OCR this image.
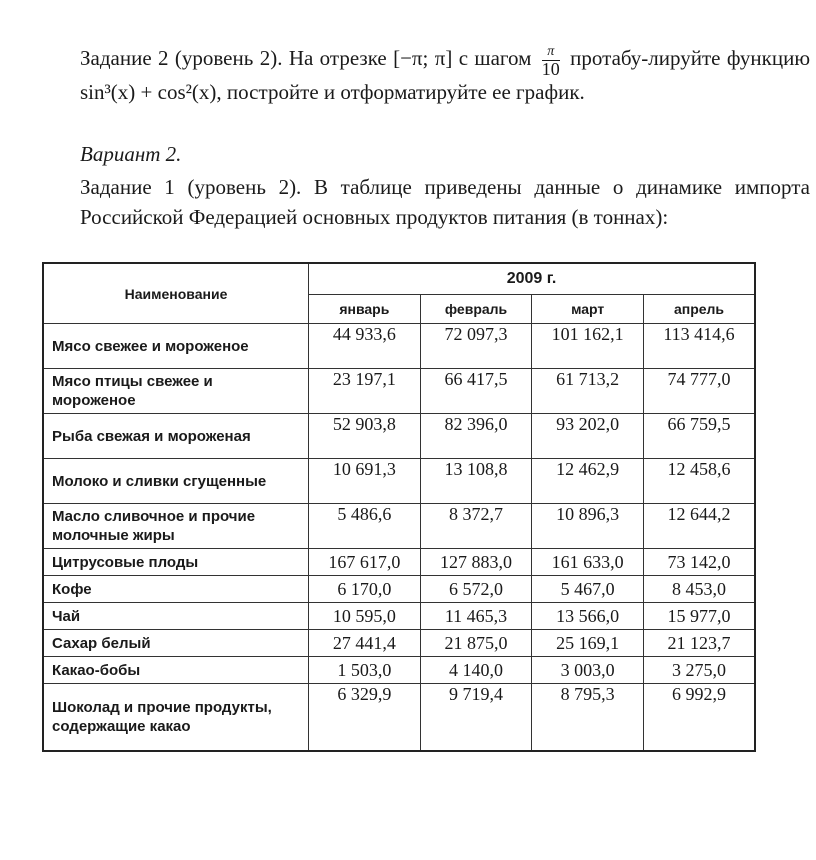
Задание 2 (уровень 2). На отрезке [−π; π] с шагом $\frac{\pi}{10}$ протабу-лируйте функцию sin³(x) + cos²(x), постройте и отформатируйте ее график.
Вариант 2.
Задание 1 (уровень 2). В таблице приведены данные о динамике импорта Российской Федерацией основных продуктов питания (в тоннах):
Наименование	2009 г.			
	январь	февраль	март	апрель
Мясо свежее и мороженое	44 933,6	72 097,3	101 162,1	113 414,6
Мясо птицы свежее и мороженое	23 197,1	66 417,5	61 713,2	74 777,0
Рыба свежая и мороженая	52 903,8	82 396,0	93 202,0	66 759,5
Молоко и сливки сгущенные	10 691,3	13 108,8	12 462,9	12 458,6
Масло сливочное и прочие молочные жиры	5 486,6	8 372,7	10 896,3	12 644,2
Цитрусовые плоды	167 617,0	127 883,0	161 633,0	73 142,0
Кофе	6 170,0	6 572,0	5 467,0	8 453,0
Чай	10 595,0	11 465,3	13 566,0	15 977,0
Сахар белый	27 441,4	21 875,0	25 169,1	21 123,7
Какао-бобы	1 503,0	4 140,0	3 003,0	3 275,0
Шоколад и прочие продукты, содержащие какао	6 329,9	9 719,4	8 795,3	6 992,9
